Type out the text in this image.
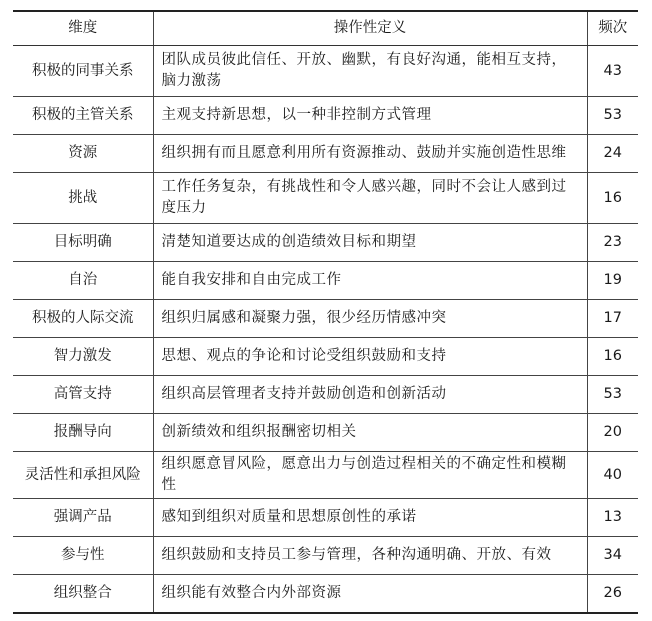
维度	操作性定义	频次
积极的同事关系	团队成员彼此信任、开放、幽默，有良好沟通，能相互支持，脑力激荡	43
积极的主管关系	主观支持新思想，以一种非控制方式管理	53
资源	组织拥有而且愿意利用所有资源推动、鼓励并实施创造性思维	24
挑战	工作任务复杂，有挑战性和令人感兴趣，同时不会让人感到过度压力	16
目标明确	清楚知道要达成的创造绩效目标和期望	23
自治	能自我安排和自由完成工作	19
积极的人际交流	组织归属感和凝聚力强，很少经历情感冲突	17
智力激发	思想、观点的争论和讨论受组织鼓励和支持	16
高管支持	组织高层管理者支持并鼓励创造和创新活动	53
报酬导向	创新绩效和组织报酬密切相关	20
灵活性和承担风险	组织愿意冒风险，愿意出力与创造过程相关的不确定性和模糊性	40
强调产品	感知到组织对质量和思想原创性的承诺	13
参与性	组织鼓励和支持员工参与管理，各种沟通明确、开放、有效	34
组织整合	组织能有效整合内外部资源	26
